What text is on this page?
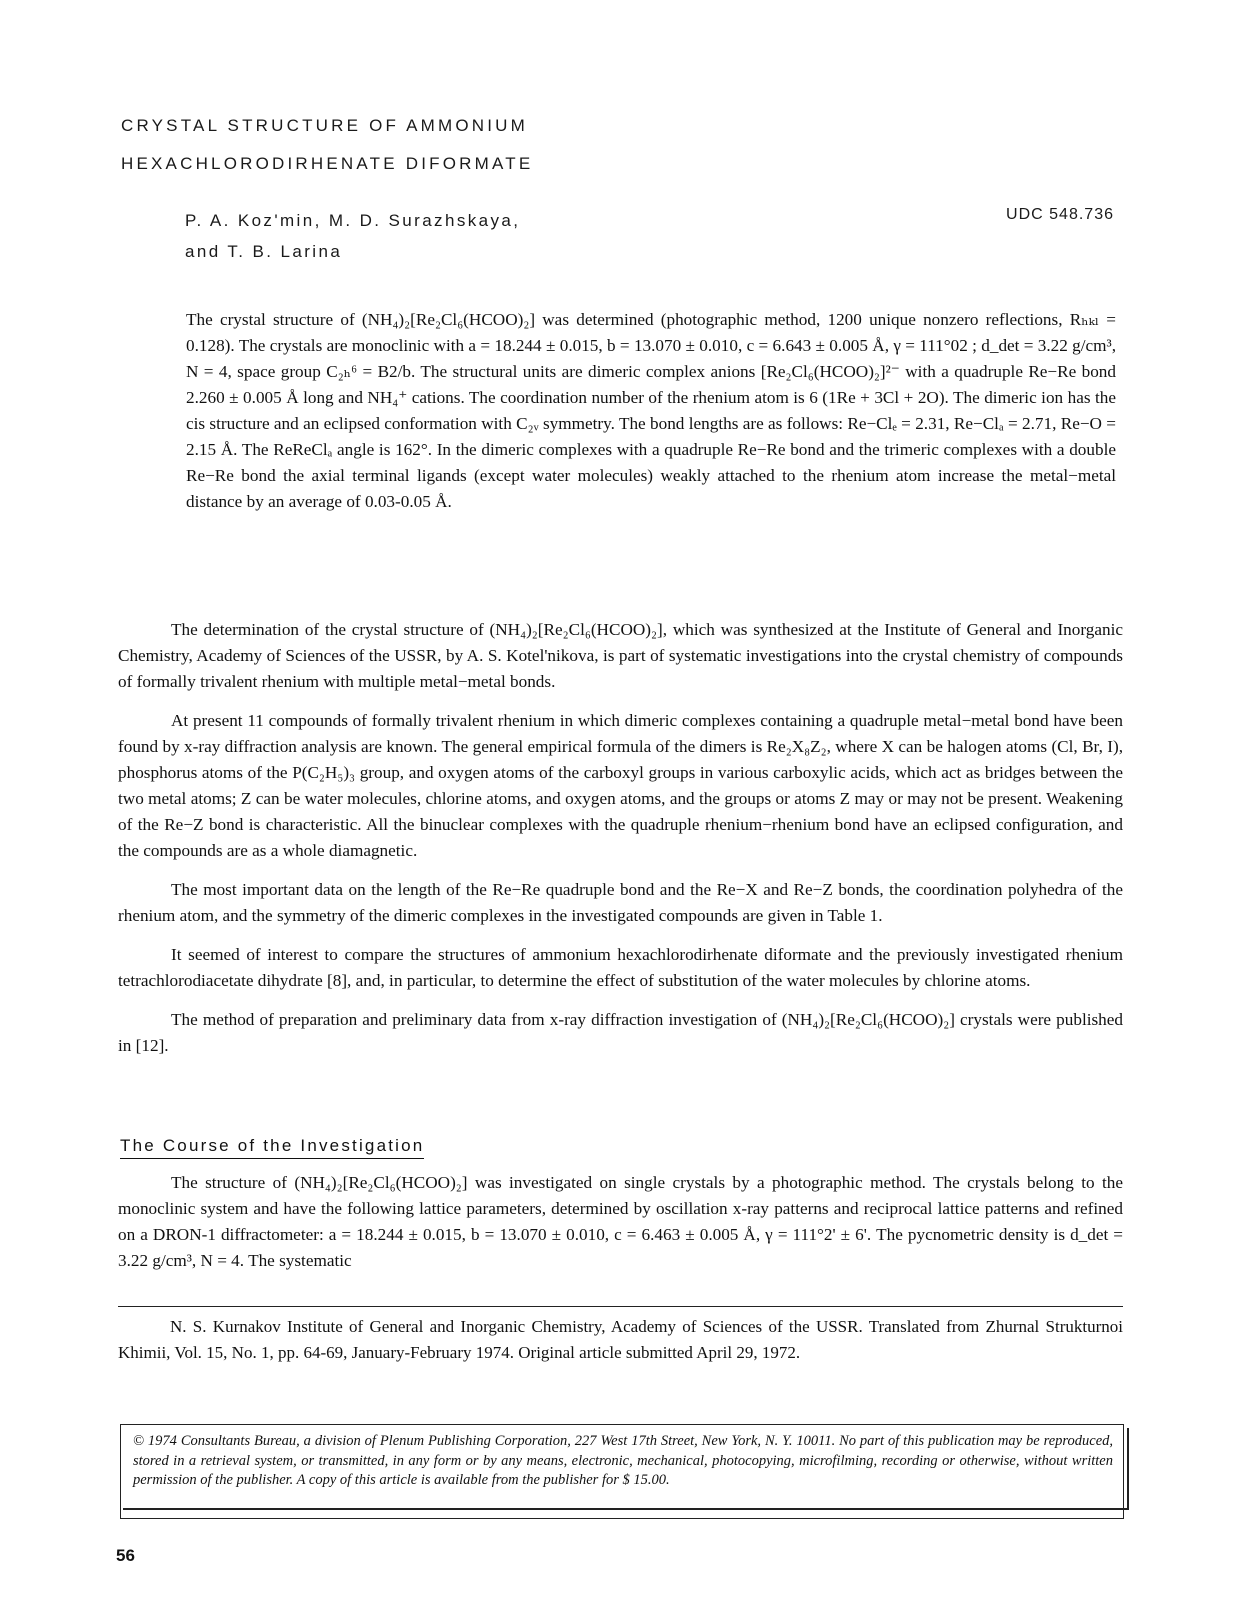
CRYSTAL STRUCTURE OF AMMONIUM
HEXACHLORODIRHENATE DIFORMATE
P. A. Koz'min, M. D. Surazhskaya,
and T. B. Larina
UDC 548.736
The crystal structure of (NH₄)₂[Re₂Cl₆(HCOO)₂] was determined (photographic method, 1200 unique nonzero reflections, Rₕₖₗ = 0.128). The crystals are monoclinic with a = 18.244 ± 0.015, b = 13.070 ± 0.010, c = 6.643 ± 0.005 Å, γ = 111°02 ; d_det = 3.22 g/cm³, N = 4, space group C₂ₕ⁶ = B2/b. The structural units are dimeric complex anions [Re₂Cl₆(HCOO)₂]²⁻ with a quadruple Re−Re bond 2.260 ± 0.005 Å long and NH₄⁺ cations. The coordination number of the rhenium atom is 6 (1Re + 3Cl + 2O). The dimeric ion has the cis structure and an eclipsed conformation with C₂ᵥ symmetry. The bond lengths are as follows: Re−Clₑ = 2.31, Re−Clₐ = 2.71, Re−O = 2.15 Å. The ReReClₐ angle is 162°. In the dimeric complexes with a quadruple Re−Re bond and the trimeric complexes with a double Re−Re bond the axial terminal ligands (except water molecules) weakly attached to the rhenium atom increase the metal−metal distance by an average of 0.03-0.05 Å.

The determination of the crystal structure of (NH₄)₂[Re₂Cl₆(HCOO)₂], which was synthesized at the Institute of General and Inorganic Chemistry, Academy of Sciences of the USSR, by A. S. Kotel'nikova, is part of systematic investigations into the crystal chemistry of compounds of formally trivalent rhenium with multiple metal−metal bonds.

At present 11 compounds of formally trivalent rhenium in which dimeric complexes containing a quadruple metal−metal bond have been found by x-ray diffraction analysis are known. The general empirical formula of the dimers is Re₂X₈Z₂, where X can be halogen atoms (Cl, Br, I), phosphorus atoms of the P(C₂H₅)₃ group, and oxygen atoms of the carboxyl groups in various carboxylic acids, which act as bridges between the two metal atoms; Z can be water molecules, chlorine atoms, and oxygen atoms, and the groups or atoms Z may or may not be present. Weakening of the Re−Z bond is characteristic. All the binuclear complexes with the quadruple rhenium−rhenium bond have an eclipsed configuration, and the compounds are as a whole diamagnetic.

The most important data on the length of the Re−Re quadruple bond and the Re−X and Re−Z bonds, the coordination polyhedra of the rhenium atom, and the symmetry of the dimeric complexes in the investigated compounds are given in Table 1.

It seemed of interest to compare the structures of ammonium hexachlorodirhenate diformate and the previously investigated rhenium tetrachlorodiacetate dihydrate [8], and, in particular, to determine the effect of substitution of the water molecules by chlorine atoms.

The method of preparation and preliminary data from x-ray diffraction investigation of (NH₄)₂[Re₂Cl₆(HCOO)₂] crystals were published in [12].

The Course of the Investigation

The structure of (NH₄)₂[Re₂Cl₆(HCOO)₂] was investigated on single crystals by a photographic method. The crystals belong to the monoclinic system and have the following lattice parameters, determined by oscillation x-ray patterns and reciprocal lattice patterns and refined on a DRON-1 diffractometer: a = 18.244 ± 0.015, b = 13.070 ± 0.010, c = 6.463 ± 0.005 Å, γ = 111°2' ± 6'. The pycnometric density is d_det = 3.22 g/cm³, N = 4. The systematic

N. S. Kurnakov Institute of General and Inorganic Chemistry, Academy of Sciences of the USSR. Translated from Zhurnal Strukturnoi Khimii, Vol. 15, No. 1, pp. 64-69, January-February 1974. Original article submitted April 29, 1972.

© 1974 Consultants Bureau, a division of Plenum Publishing Corporation, 227 West 17th Street, New York, N. Y. 10011. No part of this publication may be reproduced, stored in a retrieval system, or transmitted, in any form or by any means, electronic, mechanical, photocopying, microfilming, recording or otherwise, without written permission of the publisher. A copy of this article is available from the publisher for $ 15.00.
56
